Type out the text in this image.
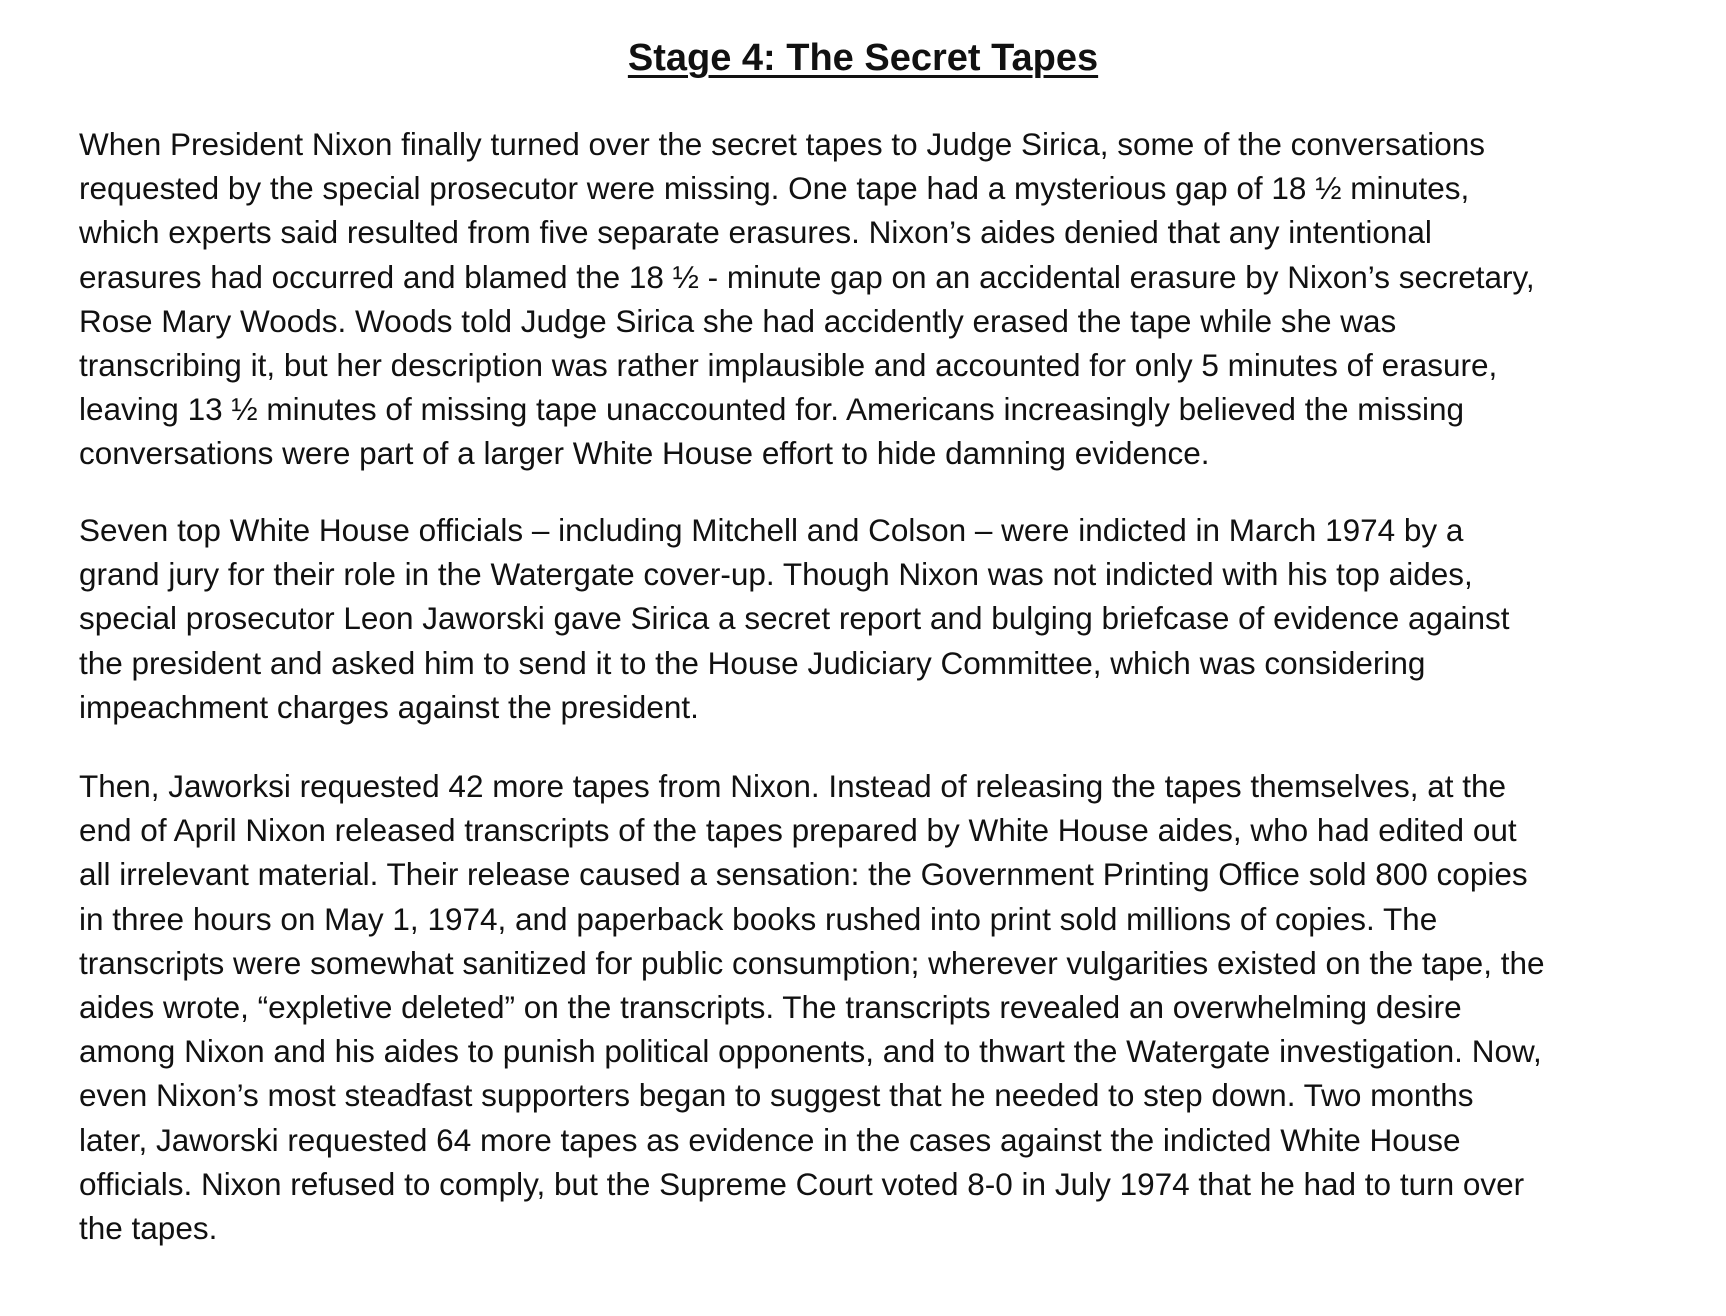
Stage 4: The Secret Tapes
When President Nixon finally turned over the secret tapes to Judge Sirica, some of the conversations
requested by the special prosecutor were missing. One tape had a mysterious gap of 18 ½ minutes,
which experts said resulted from five separate erasures. Nixon’s aides denied that any intentional
erasures had occurred and blamed the 18 ½ - minute gap on an accidental erasure by Nixon’s secretary,
Rose Mary Woods. Woods told Judge Sirica she had accidently erased the tape while she was
transcribing it, but her description was rather implausible and accounted for only 5 minutes of erasure,
leaving 13 ½ minutes of missing tape unaccounted for. Americans increasingly believed the missing
conversations were part of a larger White House effort to hide damning evidence.
Seven top White House officials – including Mitchell and Colson – were indicted in March 1974 by a
grand jury for their role in the Watergate cover-up. Though Nixon was not indicted with his top aides,
special prosecutor Leon Jaworski gave Sirica a secret report and bulging briefcase of evidence against
the president and asked him to send it to the House Judiciary Committee, which was considering
impeachment charges against the president.
Then, Jaworksi requested 42 more tapes from Nixon. Instead of releasing the tapes themselves, at the
end of April Nixon released transcripts of the tapes prepared by White House aides, who had edited out
all irrelevant material. Their release caused a sensation: the Government Printing Office sold 800 copies
in three hours on May 1, 1974, and paperback books rushed into print sold millions of copies. The
transcripts were somewhat sanitized for public consumption; wherever vulgarities existed on the tape, the
aides wrote, “expletive deleted” on the transcripts. The transcripts revealed an overwhelming desire
among Nixon and his aides to punish political opponents, and to thwart the Watergate investigation. Now,
even Nixon’s most steadfast supporters began to suggest that he needed to step down. Two months
later, Jaworski requested 64 more tapes as evidence in the cases against the indicted White House
officials. Nixon refused to comply, but the Supreme Court voted 8-0 in July 1974 that he had to turn over
the tapes.
